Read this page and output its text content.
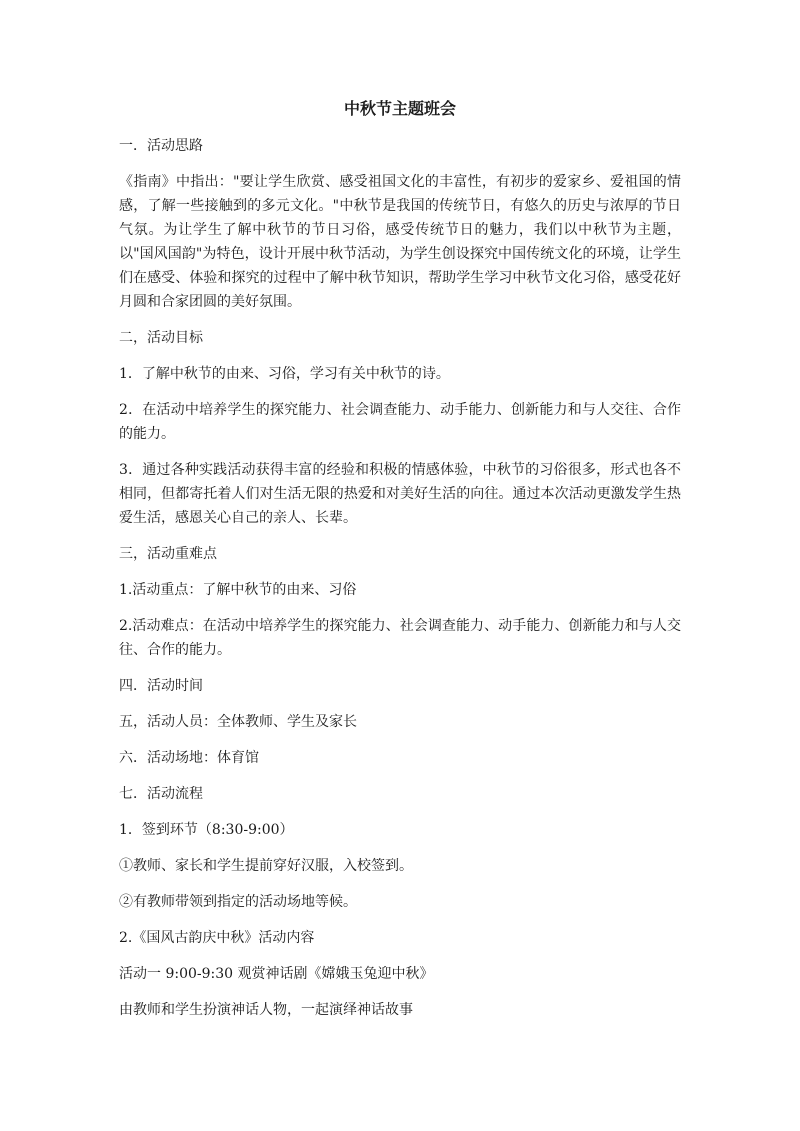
中秋节主题班会

一．活动思路

《指南》中指出："要让学生欣赏、感受祖国文化的丰富性，有初步的爱家乡、爱祖国的情感，了解一些接触到的多元文化。"中秋节是我国的传统节日，有悠久的历史与浓厚的节日气氛。为让学生了解中秋节的节日习俗，感受传统节日的魅力，我们以中秋节为主题，以"国风国韵"为特色，设计开展中秋节活动，为学生创设探究中国传统文化的环境，让学生们在感受、体验和探究的过程中了解中秋节知识，帮助学生学习中秋节文化习俗，感受花好月圆和合家团圆的美好氛围。

二，活动目标

1．了解中秋节的由来、习俗，学习有关中秋节的诗。

2．在活动中培养学生的探究能力、社会调查能力、动手能力、创新能力和与人交往、合作的能力。

3．通过各种实践活动获得丰富的经验和积极的情感体验，中秋节的习俗很多，形式也各不相同，但都寄托着人们对生活无限的热爱和对美好生活的向往。通过本次活动更激发学生热爱生活，感恩关心自己的亲人、长辈。

三，活动重难点

1.活动重点：了解中秋节的由来、习俗

2.活动难点：在活动中培养学生的探究能力、社会调查能力、动手能力、创新能力和与人交往、合作的能力。

四．活动时间

五，活动人员：全体教师、学生及家长

六．活动场地：体育馆

七．活动流程

1．签到环节（8:30-9:00）

①教师、家长和学生提前穿好汉服，入校签到。

②有教师带领到指定的活动场地等候。

2.《国风古韵庆中秋》活动内容

活动一 9:00-9:30 观赏神话剧《嫦娥玉兔迎中秋》

由教师和学生扮演神话人物，一起演绎神话故事
